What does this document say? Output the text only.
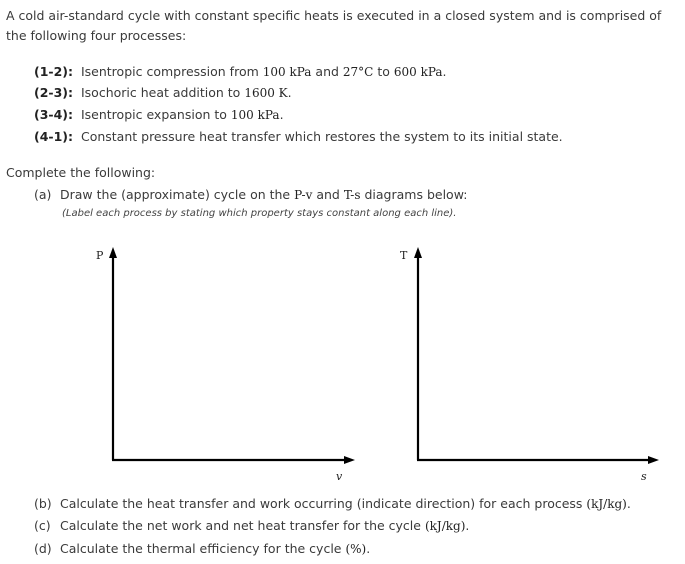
A cold air-standard cycle with constant specific heats is executed in a closed system and is comprised of the following four processes:
(1-2): Isentropic compression from 100 kPa and 27°C to 600 kPa.
(2-3): Isochoric heat addition to 1600 K.
(3-4): Isentropic expansion to 100 kPa.
(4-1): Constant pressure heat transfer which restores the system to its initial state.
Complete the following:
(a) Draw the (approximate) cycle on the P-v and T-s diagrams below:
(Label each process by stating which property stays constant along each line).
P
v
T
s
(b) Calculate the heat transfer and work occurring (indicate direction) for each process (kJ/kg).
(c) Calculate the net work and net heat transfer for the cycle (kJ/kg).
(d) Calculate the thermal efficiency for the cycle (%).
